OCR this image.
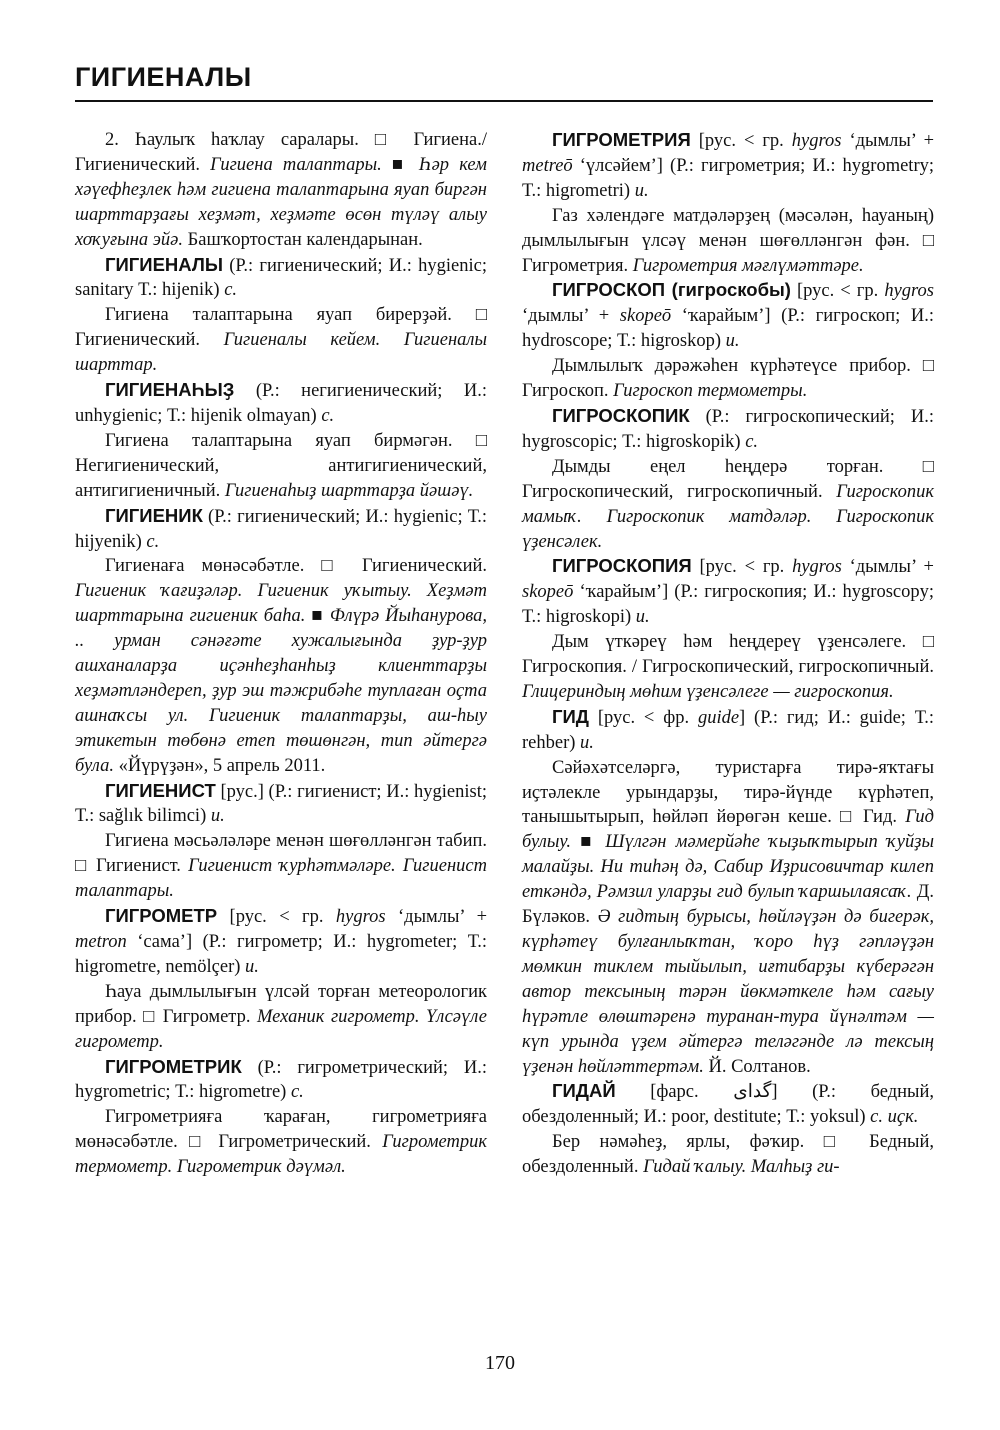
ГИГИЕНАЛЫ

2. Һаулыҡ һаҡлау саралары. □ Гигиена./ Гигиенический. Гигиена талаптары. ■ Һәр кем хәүефһеҙлек һәм гигиена талаптарына яуап биргән шарттарҙағы хеҙмәт, хеҙмәте өсөн түләү алыу хоҡуғына эйә. Башҡортостан календарынан.

ГИГИЕНАЛЫ (Р.: гигиенический; И.: hygienic; sanitary Т.: hijenik) с.

Гигиена талаптарына яуап бирерҙәй. □ Гигиенический. Гигиеналы кейем. Гигиеналы шарттар.

ГИГИЕНАҺЫҘ (Р.: негигиенический; И.: unhygienic; Т.: hijenik olmayan) с.

Гигиена талаптарына яуап бирмәгән. □ Негигиенический, антигигиенический, антигигиеничный. Гигиенаһыҙ шарттарҙа йәшәү.

ГИГИЕНИК (Р.: гигиенический; И.: hygienic; Т.: hijyenik) с.

Гигиенаға мөнәсәбәтле. □ Гигиенический. Гигиеник ҡағиҙәләр. Гигиеник уҡытыу. Хеҙмәт шарттарына гигиеник баһа. ■ Флүрә Йыһанурова, .. урман сәнәғәте хужалығында ҙур-ҙур ашханаларҙа иҫәнһеҙһанһыҙ клиенттарҙы хеҙмәтләндереп, ҙур эш тәжрибәһе туплаған оҫта ашнаҡсы ул. Гигиеник талаптарҙы, аш-һыу этикетын төбөнә етеп төшөнгән, тип әйтергә була. «Йүрүҙән», 5 апрель 2011.

ГИГИЕНИСТ [рус.] (Р.: гигиенист; И.: hygienist; Т.: sağlık bilimci) и.

Гигиена мәсьәләләре менән шөғөлләнгән табип. □ Гигиенист. Гигиенист ҡурһәтмәләре. Гигиенист талаптары.

ГИГРОМЕТР [рус. < гр. hygros ‘дымлы’ + metron ‘сама’] (Р.: гигрометр; И.: hygrometer; Т.: higrometre, nemölçer) и.

Һауа дымлылығын үлсәй торған метеорологик прибор. □ Гигрометр. Механик гигрометр. Үлсәүле гигрометр.

ГИГРОМЕТРИК (Р.: гигрометрический; И.: hygrometric; Т.: higrometre) с.

Гигрометрияға ҡараған, гигрометрияға мөнәсәбәтле. □ Гигрометрический. Гигрометрик термометр. Гигрометрик дәүмәл.

ГИГРОМЕТРИЯ [рус. < гр. hygros ‘дымлы’ + metreō ‘үлсәйем’] (Р.: гигрометрия; И.: hygrometry; Т.: higrometri) и.

Газ хәлендәге матдәләрҙең (мәсәлән, һауаның) дымлылығын үлсәү менән шөғөлләнгән фән. □ Гигрометрия. Гигрометрия мәғлүмәттәре.

ГИГРОСКОП (гигроскобы) [рус. < гр. hygros ‘дымлы’ + skopeō ‘ҡарайым’] (Р.: гигроскоп; И.: hydroscope; Т.: higroskop) и.

Дымлылыҡ дәрәжәһен күрһәтеүсе прибор. □ Гигроскоп. Гигроскоп термометры.

ГИГРОСКОПИК (Р.: гигроскопический; И.: hygroscopic; Т.: higroskopik) с.

Дымды еңел һеңдерә торған. □ Гигроскопический, гигроскопичный. Гигроскопик мамыҡ. Гигроскопик матдәләр. Гигроскопик үҙенсәлек.

ГИГРОСКОПИЯ [рус. < гр. hygros ‘дымлы’ + skopeō ‘ҡарайым’] (Р.: гигроскопия; И.: hygroscopy; Т.: higroskopi) и.

Дым үткәреү һәм һеңдереү үҙенсәлеге. □ Гигроскопия. / Гигроскопический, гигроскопичный. Глицериндың мөһим үҙенсәлеге — гигроскопия.

ГИД [рус. < фр. guide] (Р.: гид; И.: guide; Т.: rehber) и.

Сәйәхәтселәргә, туристарға тирә-яҡтағы иҫтәлекле урындарҙы, тирә-йүнде күрһәтеп, танышытырып, һөйләп йөрөгән кеше. □ Гид. Гид булыу. ■ Шүлгән мәмерйәһе ҡыҙыҡтырып ҡуйҙы малайҙы. Ни тиһәң дә, Сабир Иҙрисовичтар килеп еткәндә, Рәмзил уларҙы гид булып ҡаршылаясаҡ. Д. Бүләков. Ә гидтың бурысы, һөйләүҙән дә бигерәк, күрһәтеү булғанлыҡтан, ҡоро һүҙ гәпләүҙән мөмкин тиклем тыйылып, иғтибарҙы күберәгән автор тексының тәрән йөкмәткеле һәм сағыу һүрәтле өлөштәренә туранан-тура йүнәлтәм — күп урында үҙем әйтергә теләгәнде лә тексың үҙенән һөйләттертәм. Й. Солтанов.

ГИДАЙ [фарс. گدای] (Р.: бедный, обездоленный; И.: poor, destitute; Т.: yoksul) с. иҫк.

Бер нәмәһеҙ, ярлы, фәҡир. □ Бедный, обездоленный. Гидай ҡалыу. Малһыҙ ги-

170
